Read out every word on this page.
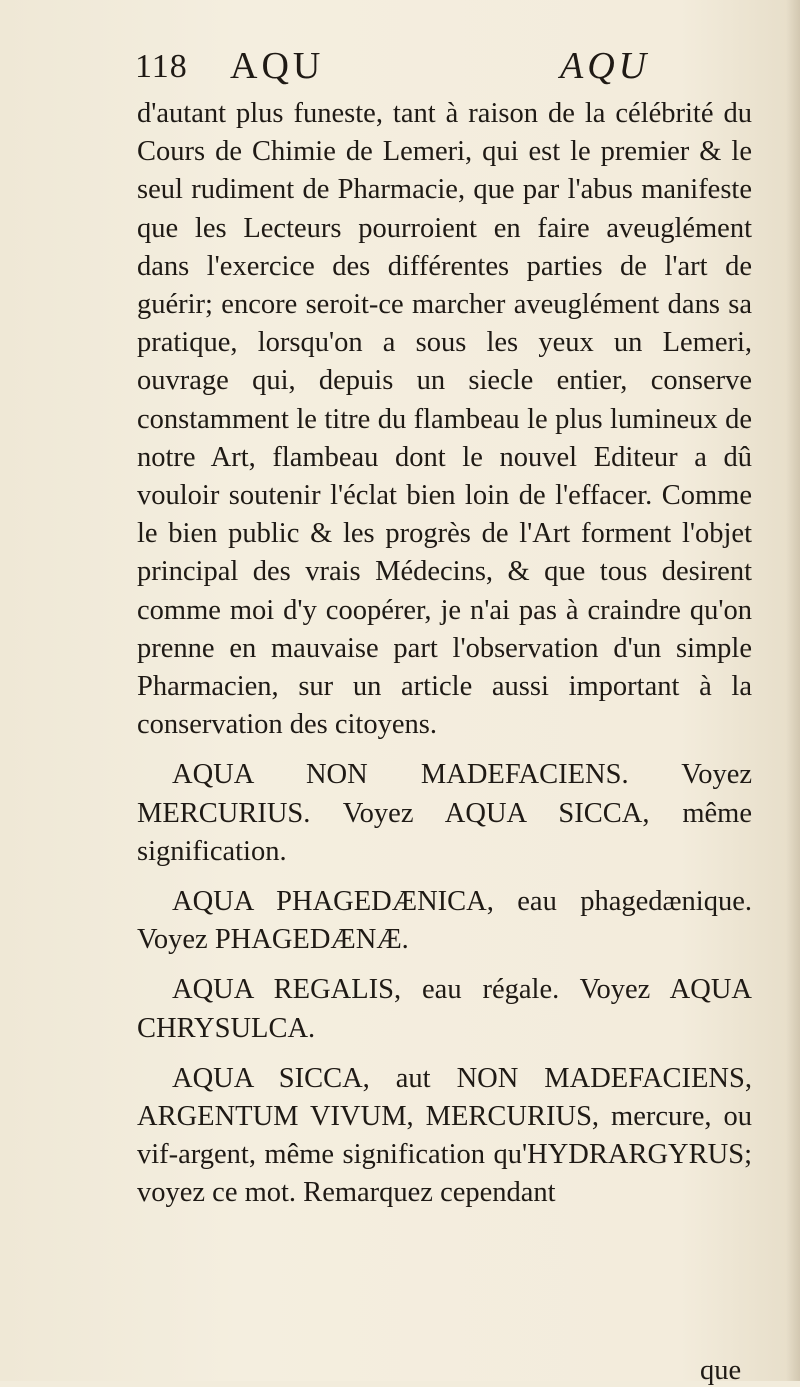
118 AQU	AQU

d'autant plus funeste, tant à raison de la célébrité du Cours de Chimie de Lemeri, qui est le premier & le seul rudiment de Pharmacie, que par l'abus manifeste que les Lecteurs pourroient en faire aveuglément dans l'exercice des différentes parties de l'art de guérir; encore seroit-ce marcher aveuglément dans sa pratique, lorsqu'on a sous les yeux un Lemeri, ouvrage qui, depuis un siecle entier, conserve constamment le titre du flambeau le plus lumineux de notre Art, flambeau dont le nouvel Editeur a dû vouloir soutenir l'éclat bien loin de l'effacer. Comme le bien public & les progrès de l'Art forment l'objet principal des vrais Médecins, & que tous desirent comme moi d'y coopérer, je n'ai pas à craindre qu'on prenne en mauvaise part l'observation d'un simple Pharmacien, sur un article aussi important à la conservation des citoyens.

AQUA NON MADEFACIENS. Voyez MERCURIUS. Voyez AQUA SICCA, même signification.

AQUA PHAGEDÆNICA, eau phagedænique. Voyez PHAGEDÆNÆ.

AQUA REGALIS, eau régale. Voyez AQUA CHRYSULCA.

AQUA SICCA, aut NON MADEFACIENS, ARGENTUM VIVUM, MERCURIUS, mercure, ou vif-argent, même signification qu'HYDRARGYRUS; voyez ce mot. Remarquez cependant

que
